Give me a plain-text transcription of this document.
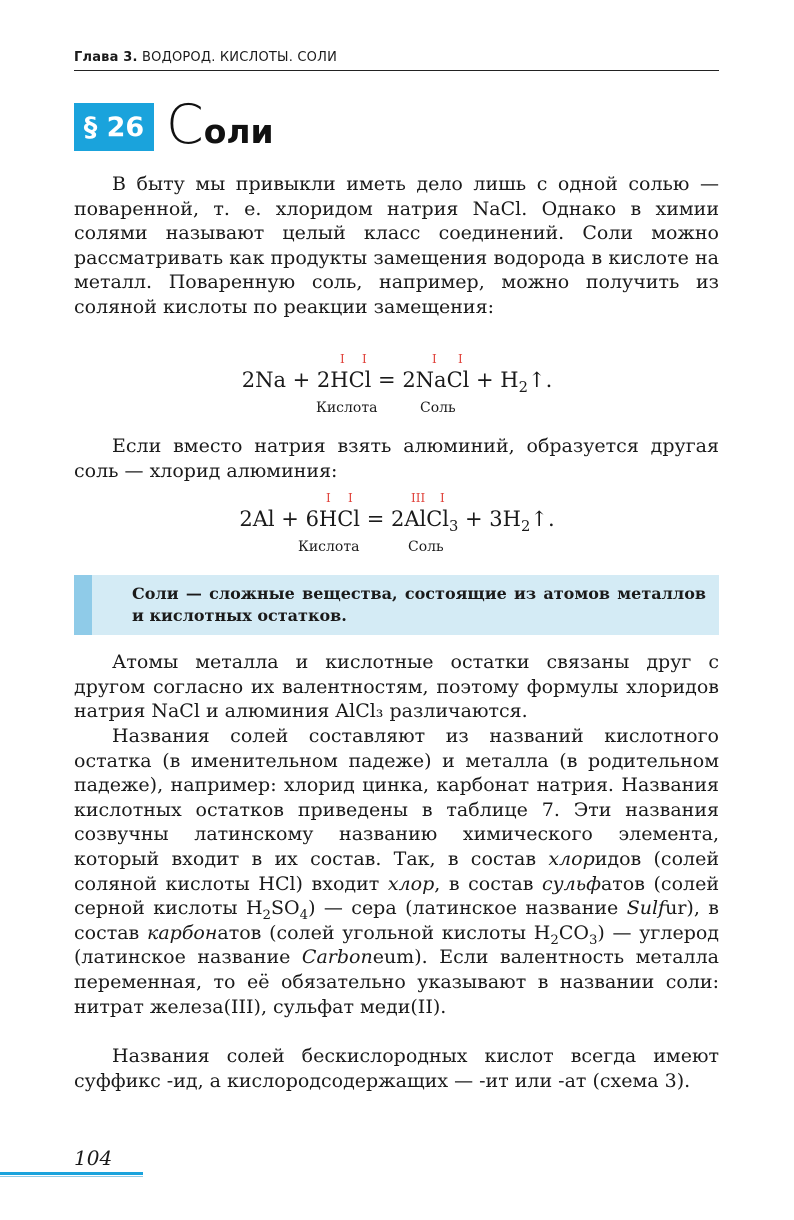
Глава 3. ВОДОРОД. КИСЛОТЫ. СОЛИ
§ 26 Соли

В быту мы привыкли иметь дело лишь с одной солью — поваренной, т. е. хлоридом натрия NaCl. Однако в химии солями называют целый класс соединений. Соли можно рассматривать как продукты замещения водорода в кислоте на металл. Поваренную соль, например, можно получить из соляной кислоты по реакции замещения:

I I	I I
2Na + 2HCl = 2NaCl + $H_2↑$.
Кислота	Соль

Если вместо натрия взять алюминий, образуется другая соль — хлорид алюминия:

I I	III I
2Al + 6HCl = 2AlCl$_3$ + $3H_2↑$.
Кислота	Соль

Соли — сложные вещества, состоящие из атомов металлов и кислотных остатков.

Атомы металла и кислотные остатки связаны друг с другом согласно их валентностям, поэтому формулы хлоридов натрия NaCl и алюминия AlCl₃ различаются.

Названия солей составляют из названий кислотного остатка (в именительном падеже) и металла (в родительном падеже), например: хлорид цинка, карбонат натрия. Названия кислотных остатков приведены в таблице 7. Эти названия созвучны латинскому названию химического элемента, который входит в их состав. Так, в состав хлоридов (солей соляной кислоты HCl) входит хлор, в состав сульфатов (солей серной кислоты $H_2SO_4$) — сера (латинское название Sulfur), в состав карбонатов (солей угольной кислоты $H_2CO_3$) — углерод (латинское название Carboneum). Если валентность металла переменная, то её обязательно указывают в названии соли: нитрат железа(III), сульфат меди(II).

Названия солей бескислородных кислот всегда имеют суффикс -ид, а кислородсодержащих — -ит или -ат (схема 3).

104
